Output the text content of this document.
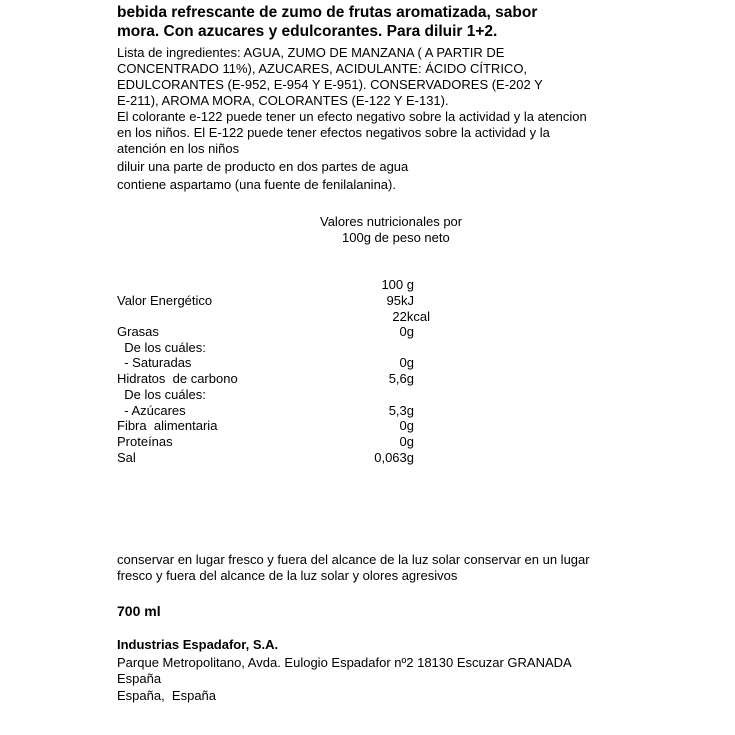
bebida refrescante de zumo de frutas aromatizada, sabor
mora. Con azucares y edulcorantes. Para diluir 1+2.
Lista de ingredientes: AGUA, ZUMO DE MANZANA ( A PARTIR DE
CONCENTRADO 11%), AZUCARES, ACIDULANTE: ÁCIDO CÍTRICO,
EDULCORANTES (E-952, E-954 Y E-951). CONSERVADORES (E-202 Y
E-211), AROMA MORA, COLORANTES (E-122 Y E-131).
El colorante e-122 puede tener un efecto negativo sobre la actividad y la atencion
en los niños. El E-122 puede tener efectos negativos sobre la actividad y la
atención en los niños
diluir una parte de producto en dos partes de agua
contiene aspartamo (una fuente de fenilalanina).
Valores nutricionales por
100g de peso neto
100 g
Valor Energético	95kJ
22kcal
Grasas	0g
De los cuáles:
- Saturadas	0g
Hidratos  de carbono	5,6g
De los cuáles:
- Azúcares	5,3g
Fibra  alimentaria	0g
Proteínas	0g
Sal	0,063g
conservar en lugar fresco y fuera del alcance de la luz solar conservar en un lugar
fresco y fuera del alcance de la luz solar y olores agresivos
700 ml
Industrias Espadafor, S.A.
Parque Metropolitano, Avda. Eulogio Espadafor nº2 18130 Escuzar GRANADA
España
España,  España
